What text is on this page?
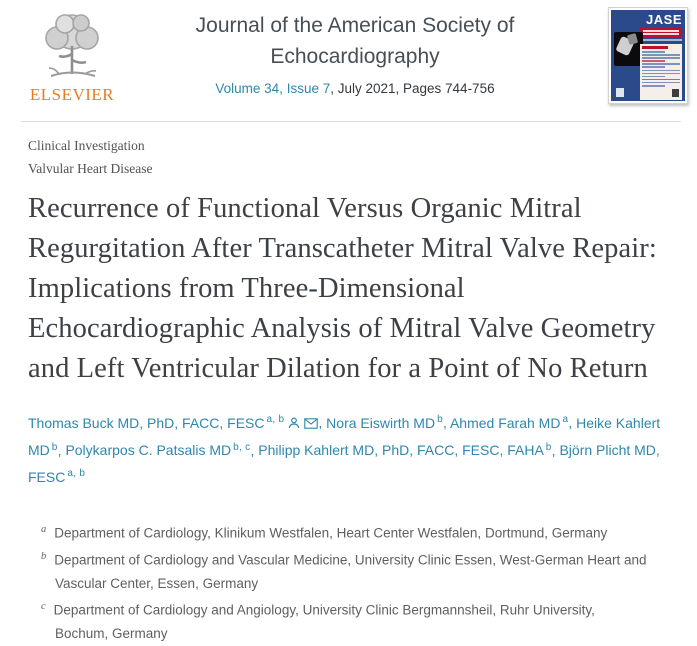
ELSEVIER
Journal of the American Society of
Echocardiography
Volume 34, Issue 7, July 2021, Pages 744-756
JASE
Clinical Investigation
Valvular Heart Disease
Recurrence of Functional Versus Organic Mitral Regurgitation After Transcatheter Mitral Valve Repair: Implications from Three-Dimensional Echocardiographic Analysis of Mitral Valve Geometry and Left Ventricular Dilation for a Point of No Return
Thomas Buck MD, PhD, FACC, FESC $^{a, b}$ , Nora Eiswirth MD $^b$, Ahmed Farah MD $^a$, Heike Kahlert MD $^b$, Polykarpos C. Patsalis MD $^{b, c}$, Philipp Kahlert MD, PhD, FACC, FESC, FAHA $^b$, Björn Plicht MD, FESC $^{a, b}$
$^a$ Department of Cardiology, Klinikum Westfalen, Heart Center Westfalen, Dortmund, Germany
$^b$ Department of Cardiology and Vascular Medicine, University Clinic Essen, West-German Heart and Vascular Center, Essen, Germany
$^c$ Department of Cardiology and Angiology, University Clinic Bergmannsheil, Ruhr University, Bochum, Germany
